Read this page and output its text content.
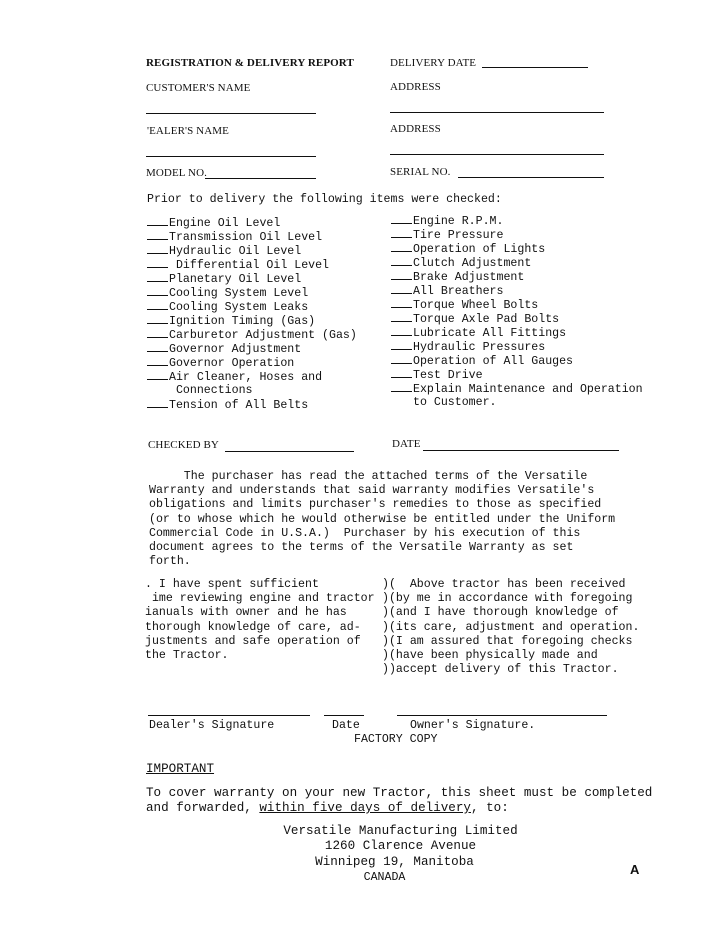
REGISTRATION & DELIVERY REPORT	DELIVERY DATE
CUSTOMER'S NAME	ADDRESS
'EALER'S NAME	ADDRESS
MODEL NO.	SERIAL NO.
Prior to delivery the following items were checked:
Engine Oil Level
Transmission Oil Level
Hydraulic Oil Level
Differential Oil Level
Planetary Oil Level
Cooling System Level
Cooling System Leaks
Ignition Timing (Gas)
Carburetor Adjustment (Gas)
Governor Adjustment
Governor Operation
Air Cleaner, Hoses and
Connections
Tension of All Belts
Engine R.P.M.
Tire Pressure
Operation of Lights
Clutch Adjustment
Brake Adjustment
All Breathers
Torque Wheel Bolts
Torque Axle Pad Bolts
Lubricate All Fittings
Hydraulic Pressures
Operation of All Gauges
Test Drive
Explain Maintenance and Operation
to Customer.
CHECKED BY	DATE
The purchaser has read the attached terms of the Versatile
Warranty and understands that said warranty modifies Versatile's
obligations and limits purchaser's remedies to those as specified
(or to whose which he would otherwise be entitled under the Uniform
Commercial Code in U.S.A.)  Purchaser by his execution of this
document agrees to the terms of the Versatile Warranty as set
forth.
. I have spent sufficient
ime reviewing engine and tractor
ianuals with owner and he has
thorough knowledge of care, ad-
justments and safe operation of
the Tractor.
)(  Above tractor has been received
)(by me in accordance with foregoing
)(and I have thorough knowledge of
)(its care, adjustment and operation.
)(I am assured that foregoing checks
)(have been physically made and
))accept delivery of this Tractor.
Dealer's Signature	Date	Owner's Signature.
FACTORY COPY
IMPORTANT
To cover warranty on your new Tractor, this sheet must be completed
and forwarded, within five days of delivery, to:
Versatile Manufacturing Limited
1260 Clarence Avenue
Winnipeg 19, Manitoba
CANADA
A
